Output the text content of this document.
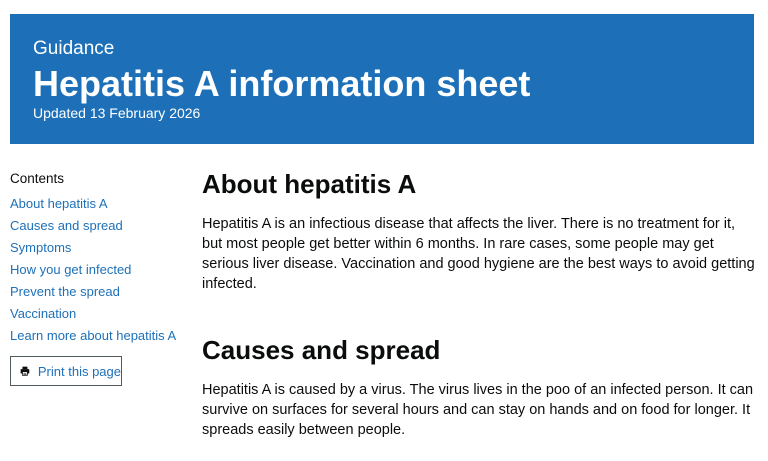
Guidance
Hepatitis A information sheet
Updated 13 February 2026
Contents
About hepatitis A
Causes and spread
Symptoms
How you get infected
Prevent the spread
Vaccination
Learn more about hepatitis A
Print this page
About hepatitis A

Hepatitis A is an infectious disease that affects the liver. There is no treatment for it, but most people get better within 6 months. In rare cases, some people may get serious liver disease. Vaccination and good hygiene are the best ways to avoid getting infected.

Causes and spread

Hepatitis A is caused by a virus. The virus lives in the poo of an infected person. It can survive on surfaces for several hours and can stay on hands and on food for longer. It spreads easily between people.
